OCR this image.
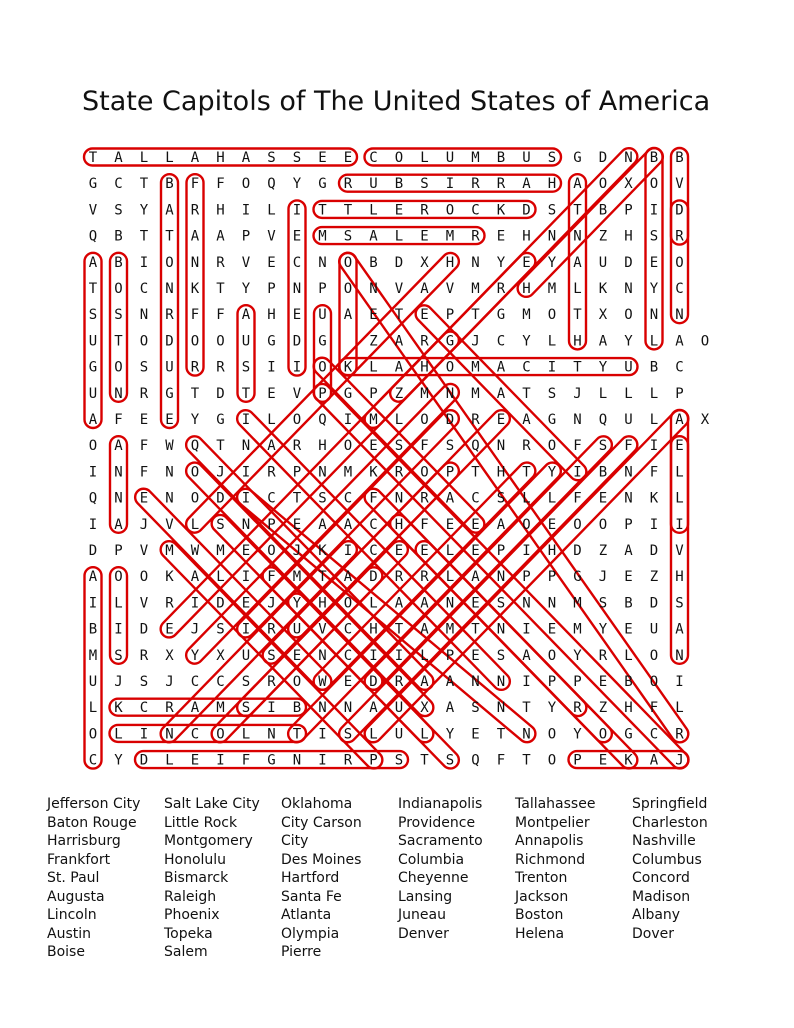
State Capitols of The United States of America
T A L L A H A S S E E C O L U M B U S G D N B B
G C T B F F O Q Y G R U B S I R R A H A O X O V
V S Y A R H I L I T T L E R O C K D S T B P I D
Q B T T A A P V E M S A L E M R E H N N Z H S R
A B I O N R V E C N O B D X H N Y E Y A U D E O
T O C N K T Y P N P O N V A V M R H M L K N Y C
S S N R F F A H E U A E T E P T G M O T X O N N
U T O D O O U G D G	Z A R G J C Y L H A Y L A O
G O S U R R S I I O K L A H O M A C I T Y U B C
U N R G T D T E V P G P Z M N M A T S J L L L P
A F E E Y G I L O Q I M L O D R E A G N Q U L A X
O A F W Q T N A R H O E S F S Q N R O F S F I E
I N F N O J I R P N M K R O P T H T Y I B N F L
Q N E N O D I C T S C F N R A C S L L F E N K L
I A J V L S N P E A A C H F E E A O E O O P I I
D P V M W M E O J K I C E E L E P I H D Z A D V
A O O K A L I F M T A D R R L A N P P G J E Z H
I L V R I D E J Y H O L A A N E S N N M S B D S
B I D E J S I R U V C H T A M T N I E M Y E U A
M S R X Y X U S E N C I I L P E S A O Y R L O N
U J S J C C S R O W E D R A A N N I P P E B O I
L K C R A M S I B N N A U X A S N T Y R Z H F L
O L I N C O L N T I S L U L Y E T N O Y O G C R
C Y D L E I F G N I R P S T S Q F T O P E K A J
Jefferson City
Baton Rouge
Harrisburg
Frankfort
St. Paul
Augusta
Lincoln
Austin
Boise
Salt Lake City
Little Rock
Montgomery
Honolulu
Bismarck
Raleigh
Phoenix
Topeka
Salem
Oklahoma
City Carson
City
Des Moines
Hartford
Santa Fe
Atlanta
Olympia
Pierre
Indianapolis
Providence
Sacramento
Columbia
Cheyenne
Lansing
Juneau
Denver
Tallahassee
Montpelier
Annapolis
Richmond
Trenton
Jackson
Boston
Helena
Springfield
Charleston
Nashville
Columbus
Concord
Madison
Albany
Dover
